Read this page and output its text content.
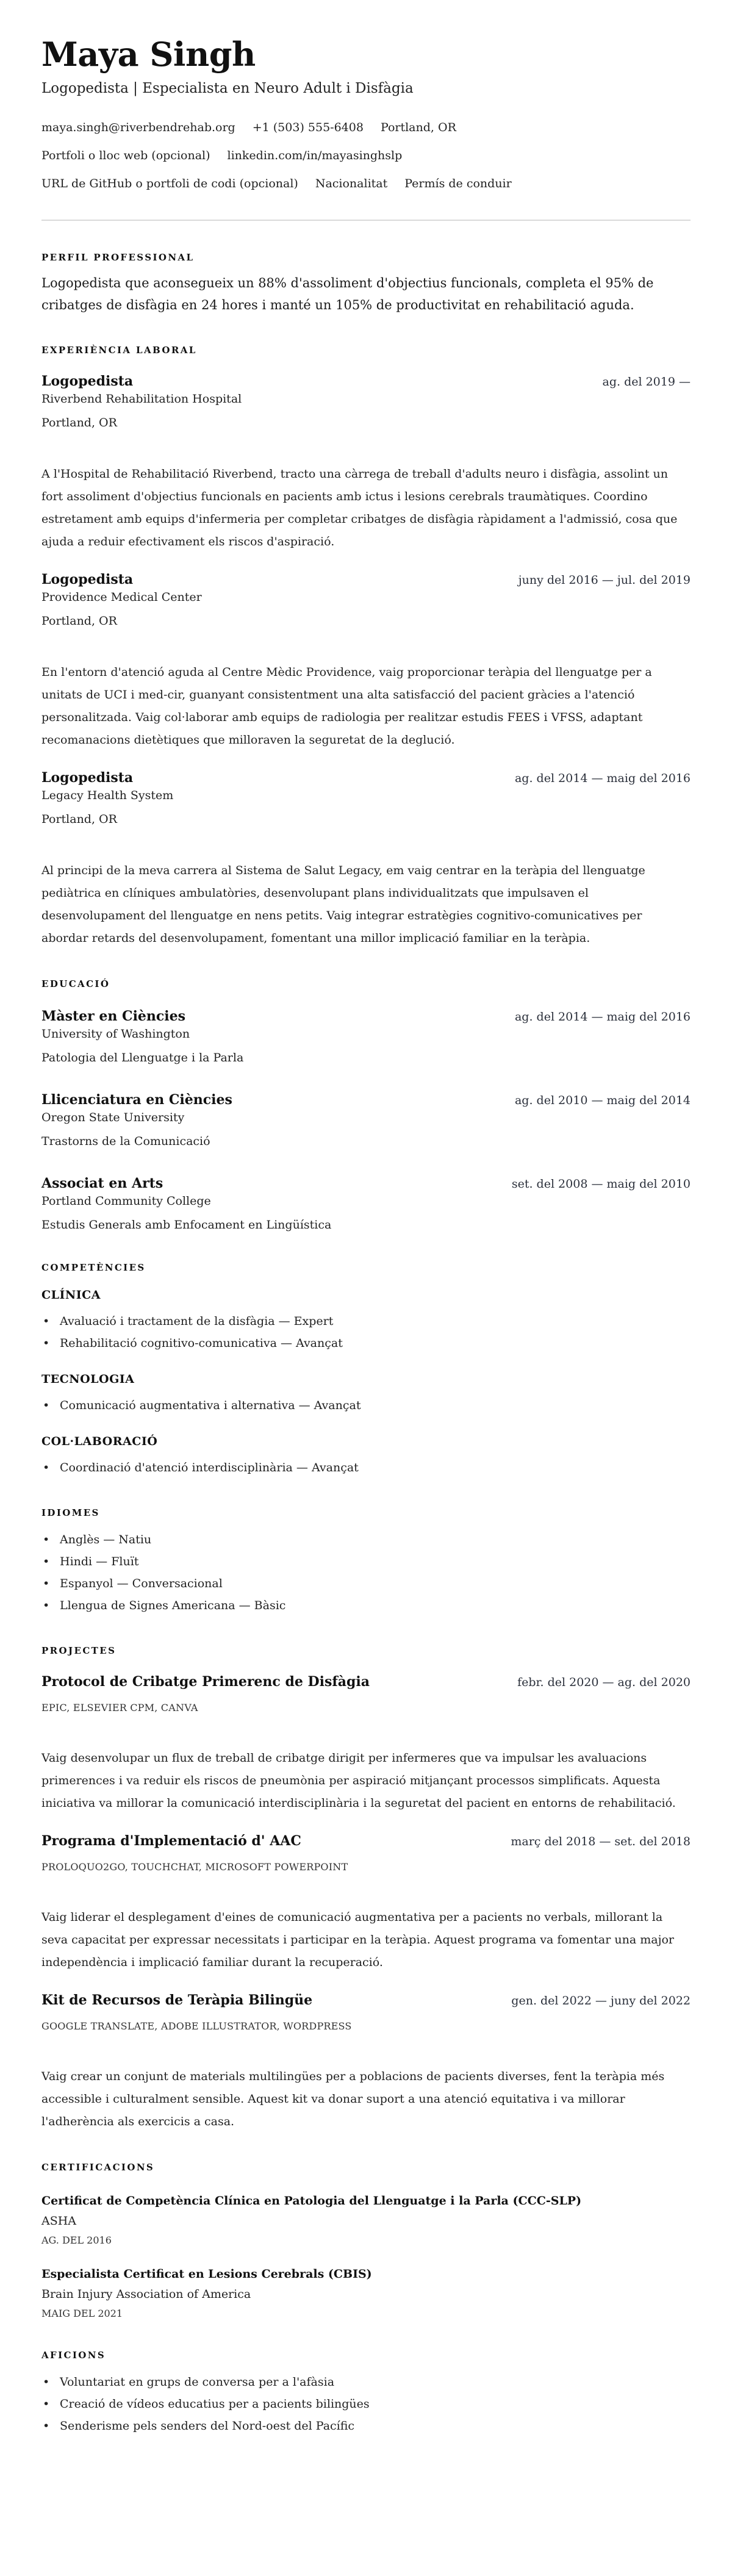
Maya Singh
Logopedista | Especialista en Neuro Adult i Disfàgia
maya.singh@riverbendrehab.org +1 (503) 555-6408 Portland, OR
Portfoli o lloc web (opcional) linkedin.com/in/mayasinghslp
URL de GitHub o portfoli de codi (opcional) Nacionalitat Permís de conduir
PERFIL PROFESSIONAL

Logopedista que aconsegueix un 88% d'assoliment d'objectius funcionals, completa el 95% de cribatges de disfàgia en 24 hores i manté un 105% de productivitat en rehabilitació aguda.

EXPERIÈNCIA LABORAL
Logopedista	ag. del 2019 —
Riverbend Rehabilitation Hospital
Portland, OR

A l'Hospital de Rehabilitació Riverbend, tracto una càrrega de treball d'adults neuro i disfàgia, assolint un fort assoliment d'objectius funcionals en pacients amb ictus i lesions cerebrals traumàtiques. Coordino estretament amb equips d'infermeria per completar cribatges de disfàgia ràpidament a l'admissió, cosa que ajuda a reduir efectivament els riscos d'aspiració.

Logopedista	juny del 2016 — jul. del 2019
Providence Medical Center
Portland, OR

En l'entorn d'atenció aguda al Centre Mèdic Providence, vaig proporcionar teràpia del llenguatge per a unitats de UCI i med-cir, guanyant consistentment una alta satisfacció del pacient gràcies a l'atenció personalitzada. Vaig col·laborar amb equips de radiologia per realitzar estudis FEES i VFSS, adaptant recomanacions dietètiques que milloraven la seguretat de la deglució.

Logopedista	ag. del 2014 — maig del 2016
Legacy Health System
Portland, OR

Al principi de la meva carrera al Sistema de Salut Legacy, em vaig centrar en la teràpia del llenguatge pediàtrica en clíniques ambulatòries, desenvolupant plans individualitzats que impulsaven el desenvolupament del llenguatge en nens petits. Vaig integrar estratègies cognitivo-comunicatives per abordar retards del desenvolupament, fomentant una millor implicació familiar en la teràpia.

EDUCACIÓ
Màster en Ciències	ag. del 2014 — maig del 2016
University of Washington
Patologia del Llenguatge i la Parla
Llicenciatura en Ciències	ag. del 2010 — maig del 2014
Oregon State University
Trastorns de la Comunicació
Associat en Arts	set. del 2008 — maig del 2010
Portland Community College
Estudis Generals amb Enfocament en Lingüística
COMPETÈNCIES
CLÍNICA
• Avaluació i tractament de la disfàgia — Expert
• Rehabilitació cognitivo-comunicativa — Avançat
TECNOLOGIA
• Comunicació augmentativa i alternativa — Avançat
COL·LABORACIÓ
• Coordinació d'atenció interdisciplinària — Avançat
IDIOMES
• Anglès — Natiu
• Hindi — Fluït
• Espanyol — Conversacional
• Llengua de Signes Americana — Bàsic
PROJECTES
Protocol de Cribatge Primerenc de Disfàgia	febr. del 2020 — ag. del 2020
EPIC, ELSEVIER CPM, CANVA

Vaig desenvolupar un flux de treball de cribatge dirigit per infermeres que va impulsar les avaluacions primerences i va reduir els riscos de pneumònia per aspiració mitjançant processos simplificats. Aquesta iniciativa va millorar la comunicació interdisciplinària i la seguretat del pacient en entorns de rehabilitació.

Programa d'Implementació d' AAC	març del 2018 — set. del 2018
PROLOQUO2GO, TOUCHCHAT, MICROSOFT POWERPOINT

Vaig liderar el desplegament d'eines de comunicació augmentativa per a pacients no verbals, millorant la seva capacitat per expressar necessitats i participar en la teràpia. Aquest programa va fomentar una major independència i implicació familiar durant la recuperació.

Kit de Recursos de Teràpia Bilingüe	gen. del 2022 — juny del 2022
GOOGLE TRANSLATE, ADOBE ILLUSTRATOR, WORDPRESS

Vaig crear un conjunt de materials multilingües per a poblacions de pacients diverses, fent la teràpia més accessible i culturalment sensible. Aquest kit va donar suport a una atenció equitativa i va millorar l'adherència als exercicis a casa.

CERTIFICACIONS
Certificat de Competència Clínica en Patologia del Llenguatge i la Parla (CCC-SLP)
ASHA
AG. DEL 2016
Especialista Certificat en Lesions Cerebrals (CBIS)
Brain Injury Association of America
MAIG DEL 2021
AFICIONS
• Voluntariat en grups de conversa per a l'afàsia
• Creació de vídeos educatius per a pacients bilingües
• Senderisme pels senders del Nord-oest del Pacífic
